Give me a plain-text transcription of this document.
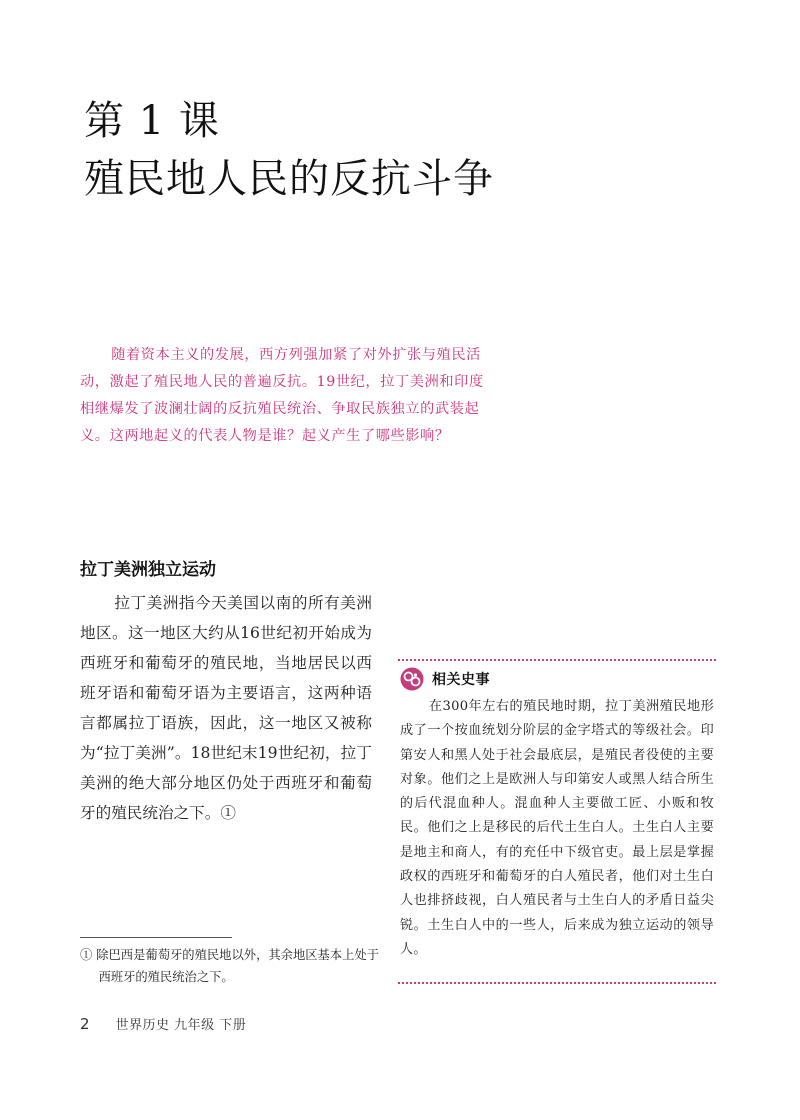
第 1 课
殖民地人民的反抗斗争

随着资本主义的发展，西方列强加紧了对外扩张与殖民活动，激起了殖民地人民的普遍反抗。19世纪，拉丁美洲和印度相继爆发了波澜壮阔的反抗殖民统治、争取民族独立的武装起义。这两地起义的代表人物是谁？起义产生了哪些影响？

拉丁美洲独立运动

拉丁美洲指今天美国以南的所有美洲地区。这一地区大约从16世纪初开始成为西班牙和葡萄牙的殖民地，当地居民以西班牙语和葡萄牙语为主要语言，这两种语言都属拉丁语族，因此，这一地区又被称为“拉丁美洲”。18世纪末19世纪初，拉丁美洲的绝大部分地区仍处于西班牙和葡萄牙的殖民统治之下。①

① 除巴西是葡萄牙的殖民地以外，其余地区基本上处于西班牙的殖民统治之下。

相关史事

在300年左右的殖民地时期，拉丁美洲殖民地形成了一个按血统划分阶层的金字塔式的等级社会。印第安人和黑人处于社会最底层，是殖民者役使的主要对象。他们之上是欧洲人与印第安人或黑人结合所生的后代混血种人。混血种人主要做工匠、小贩和牧民。他们之上是移民的后代土生白人。土生白人主要是地主和商人，有的充任中下级官吏。最上层是掌握政权的西班牙和葡萄牙的白人殖民者，他们对土生白人也排挤歧视，白人殖民者与土生白人的矛盾日益尖锐。土生白人中的一些人，后来成为独立运动的领导人。

2 世界历史 九年级 下册
